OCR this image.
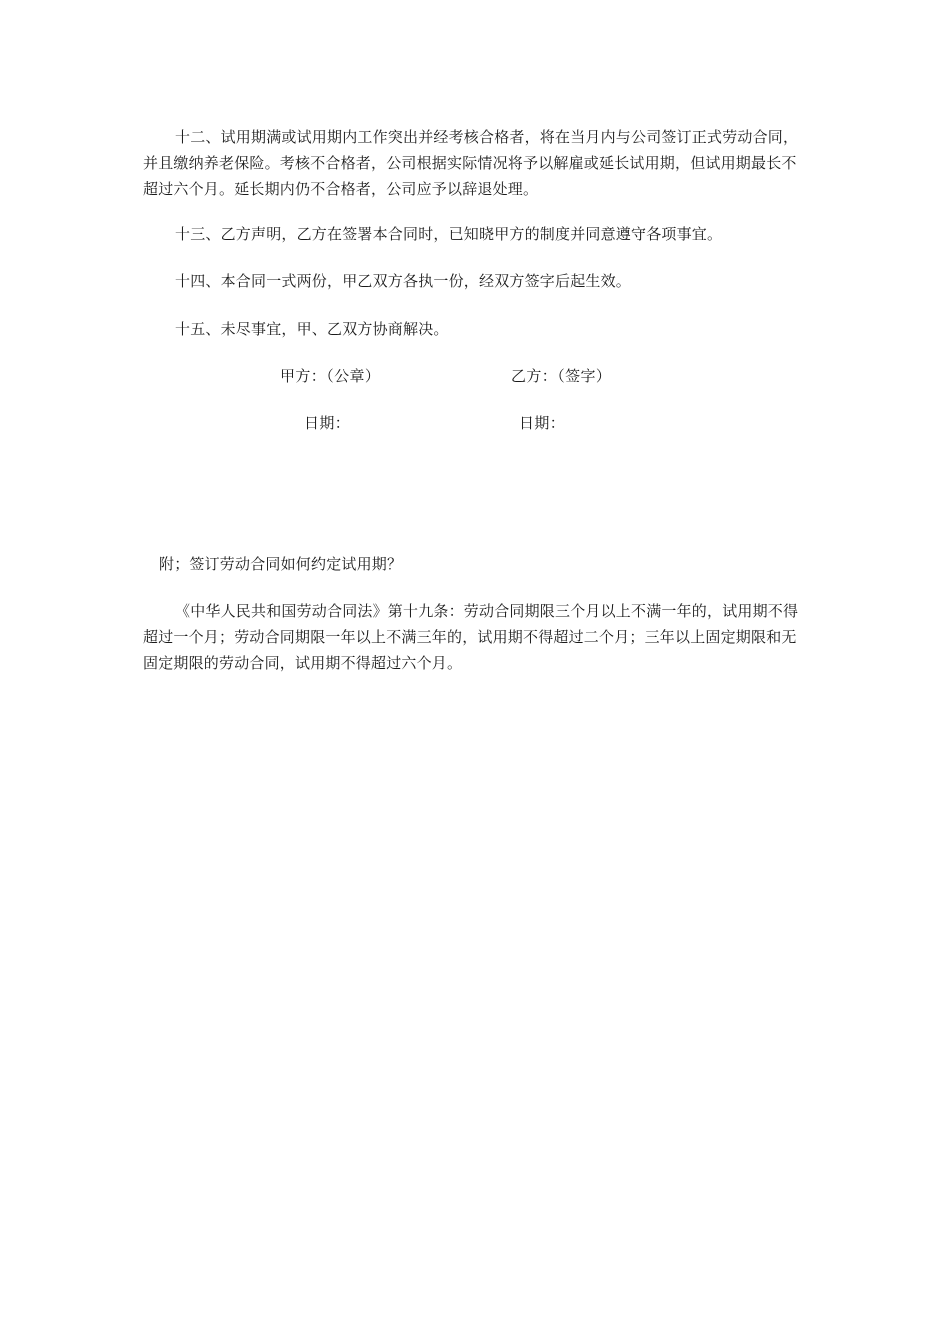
十二、试用期满或试用期内工作突出并经考核合格者，将在当月内与公司签订正式劳动合同，并且缴纳养老保险。考核不合格者，公司根据实际情况将予以解雇或延长试用期，但试用期最长不超过六个月。延长期内仍不合格者，公司应予以辞退处理。

十三、乙方声明，乙方在签署本合同时，已知晓甲方的制度并同意遵守各项事宜。

十四、本合同一式两份，甲乙双方各执一份，经双方签字后起生效。

十五、未尽事宜，甲、乙双方协商解决。

甲方：（公章）	乙方：（签字）
日期：	日期：

附；签订劳动合同如何约定试用期？

《中华人民共和国劳动合同法》第十九条：劳动合同期限三个月以上不满一年的，试用期不得超过一个月；劳动合同期限一年以上不满三年的，试用期不得超过二个月；三年以上固定期限和无固定期限的劳动合同，试用期不得超过六个月。
